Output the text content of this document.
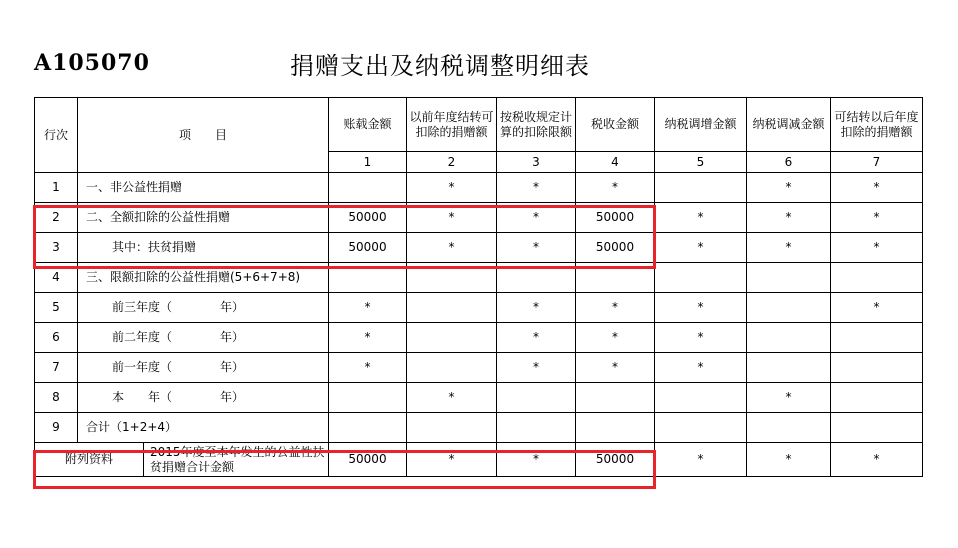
A105070	捐赠支出及纳税调整明细表
行次	项　　目		账载金额	以前年度结转可扣除的捐赠额	按税收规定计算的扣除限额	税收金额	纳税调增金额	纳税调减金额	可结转以后年度扣除的捐赠额
			1	2	3	4	5	6	7
1	一、非公益性捐赠			*	*	*		*	*
2	二、全额扣除的公益性捐赠		50000	*	*	50000	*	*	*
3	其中：扶贫捐赠		50000	*	*	50000	*	*	*
4	三、限额扣除的公益性捐赠(5+6+7+8)								
5	前三年度（　　　　年）		*		*	*	*		*
6	前二年度（　　　　年）		*		*	*	*		
7	前一年度（　　　　年）		*		*	*	*		
8	本　　年（　　　　年）			*				*	
9	合计（1+2+4）								
附列资料		2015年度至本年发生的公益性扶贫捐赠合计金额	50000	*	*	50000	*	*	*
